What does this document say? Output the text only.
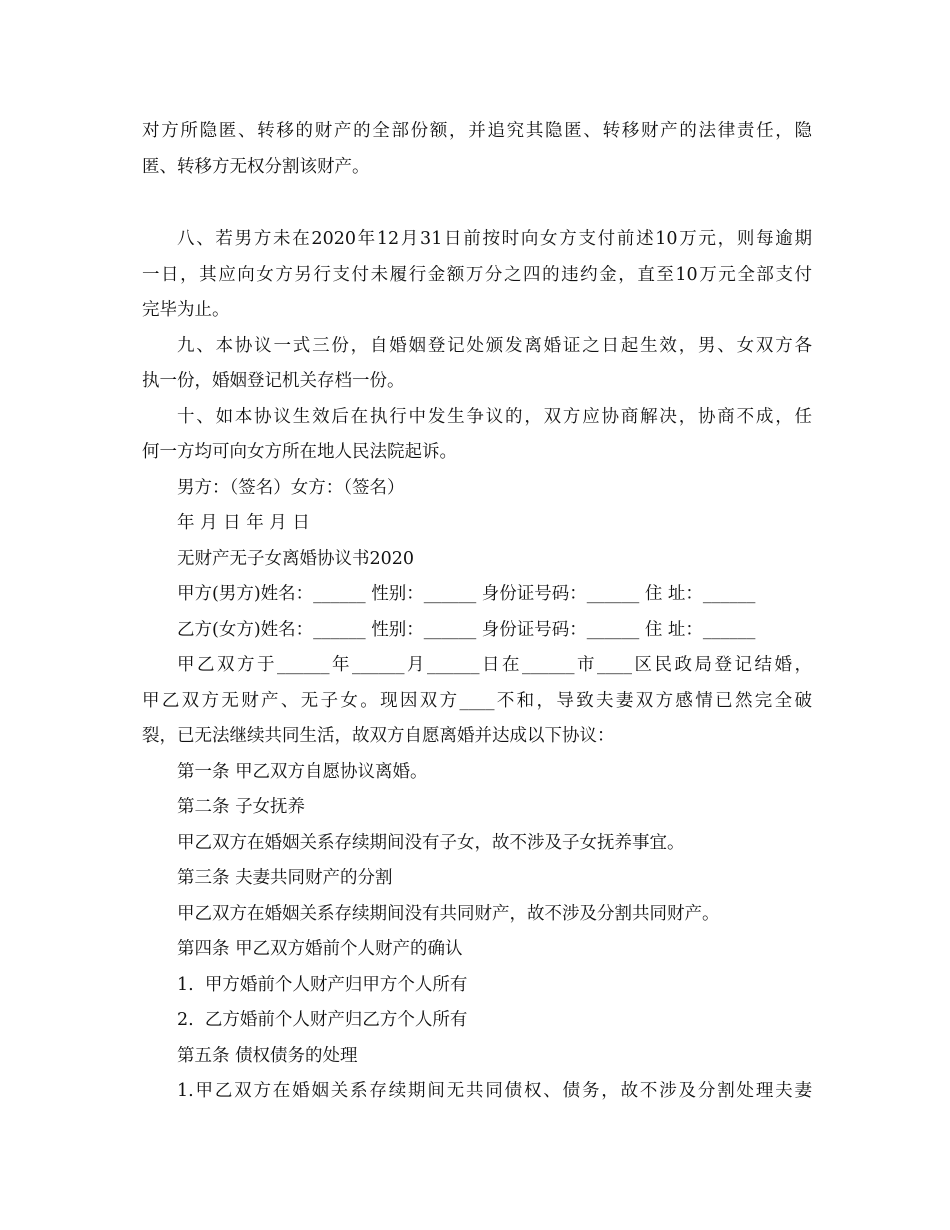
对方所隐匿、转移的财产的全部份额，并追究其隐匿、转移财产的法律责任，隐
匿、转移方无权分割该财产。
八、若男方未在2020年12月31日前按时向女方支付前述10万元，则每逾期
一日，其应向女方另行支付未履行金额万分之四的违约金，直至10万元全部支付
完毕为止。
九、本协议一式三份，自婚姻登记处颁发离婚证之日起生效，男、女双方各
执一份，婚姻登记机关存档一份。
十、如本协议生效后在执行中发生争议的，双方应协商解决，协商不成，任
何一方均可向女方所在地人民法院起诉。
男方：（签名）女方：（签名）
年 月 日 年 月 日
无财产无子女离婚协议书2020
甲方(男方)姓名：______ 性别：______ 身份证号码：______ 住 址：______
乙方(女方)姓名：______ 性别：______ 身份证号码：______ 住 址：______
甲乙双方于______年______月______日在______市____区民政局登记结婚，
甲乙双方无财产、无子女。现因双方____不和，导致夫妻双方感情已然完全破
裂，已无法继续共同生活，故双方自愿离婚并达成以下协议：
第一条 甲乙双方自愿协议离婚。
第二条 子女抚养
甲乙双方在婚姻关系存续期间没有子女，故不涉及子女抚养事宜。
第三条 夫妻共同财产的分割
甲乙双方在婚姻关系存续期间没有共同财产，故不涉及分割共同财产。
第四条 甲乙双方婚前个人财产的确认
1.  甲方婚前个人财产归甲方个人所有
2.  乙方婚前个人财产归乙方个人所有
第五条 债权债务的处理
1.甲乙双方在婚姻关系存续期间无共同债权、债务，故不涉及分割处理夫妻
